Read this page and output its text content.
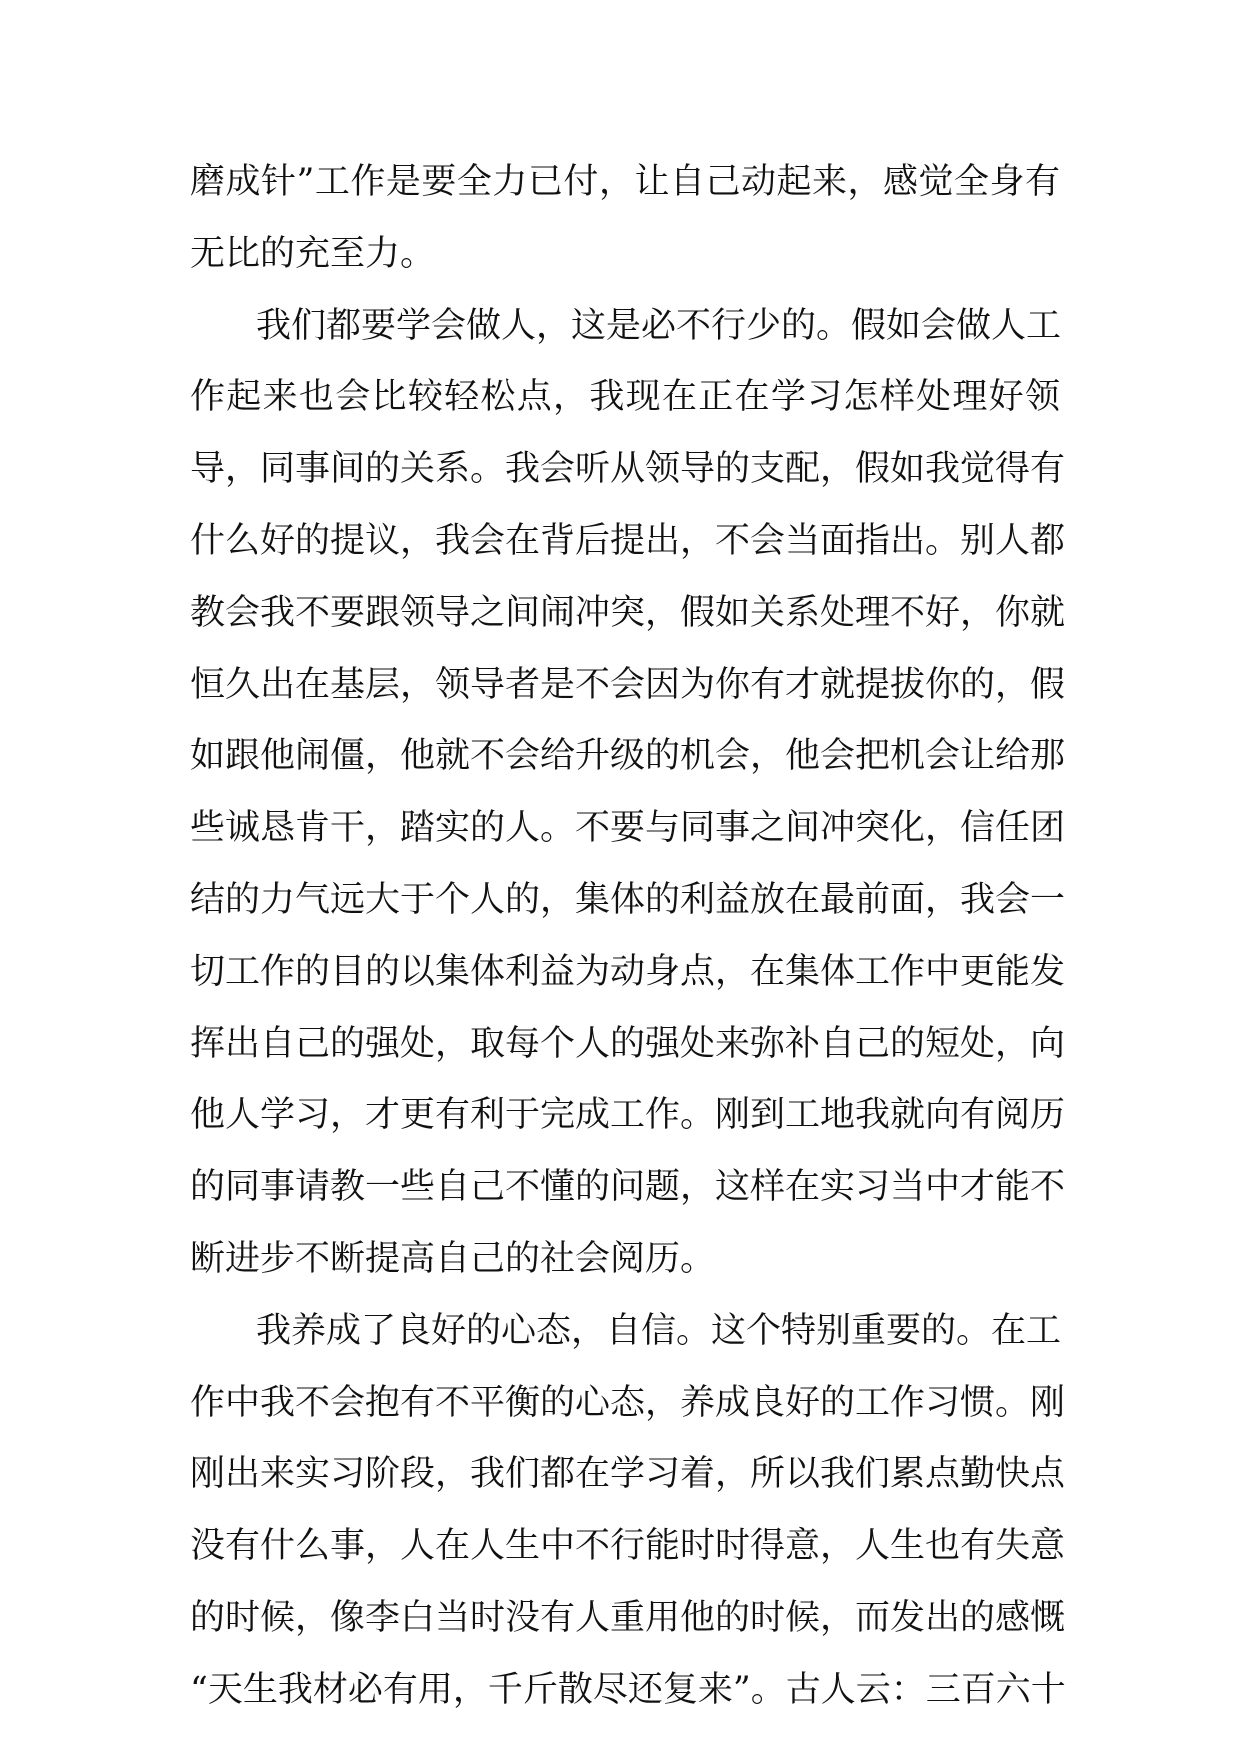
磨成针”工作是要全力已付，让自己动起来，感觉全身有
无比的充至力。
我们都要学会做人，这是必不行少的。假如会做人工
作起来也会比较轻松点，我现在正在学习怎样处理好领
导，同事间的关系。我会听从领导的支配，假如我觉得有
什么好的提议，我会在背后提出，不会当面指出。别人都
教会我不要跟领导之间闹冲突，假如关系处理不好，你就
恒久出在基层，领导者是不会因为你有才就提拔你的，假
如跟他闹僵，他就不会给升级的机会，他会把机会让给那
些诚恳肯干，踏实的人。不要与同事之间冲突化，信任团
结的力气远大于个人的，集体的利益放在最前面，我会一
切工作的目的以集体利益为动身点，在集体工作中更能发
挥出自己的强处，取每个人的强处来弥补自己的短处，向
他人学习，才更有利于完成工作。刚到工地我就向有阅历
的同事请教一些自己不懂的问题，这样在实习当中才能不
断进步不断提高自己的社会阅历。
我养成了良好的心态，自信。这个特别重要的。在工
作中我不会抱有不平衡的心态，养成良好的工作习惯。刚
刚出来实习阶段，我们都在学习着，所以我们累点勤快点
没有什么事，人在人生中不行能时时得意，人生也有失意
的时候，像李白当时没有人重用他的时候，而发出的感慨
“天生我材必有用，千斤散尽还复来”。古人云：三百六十
